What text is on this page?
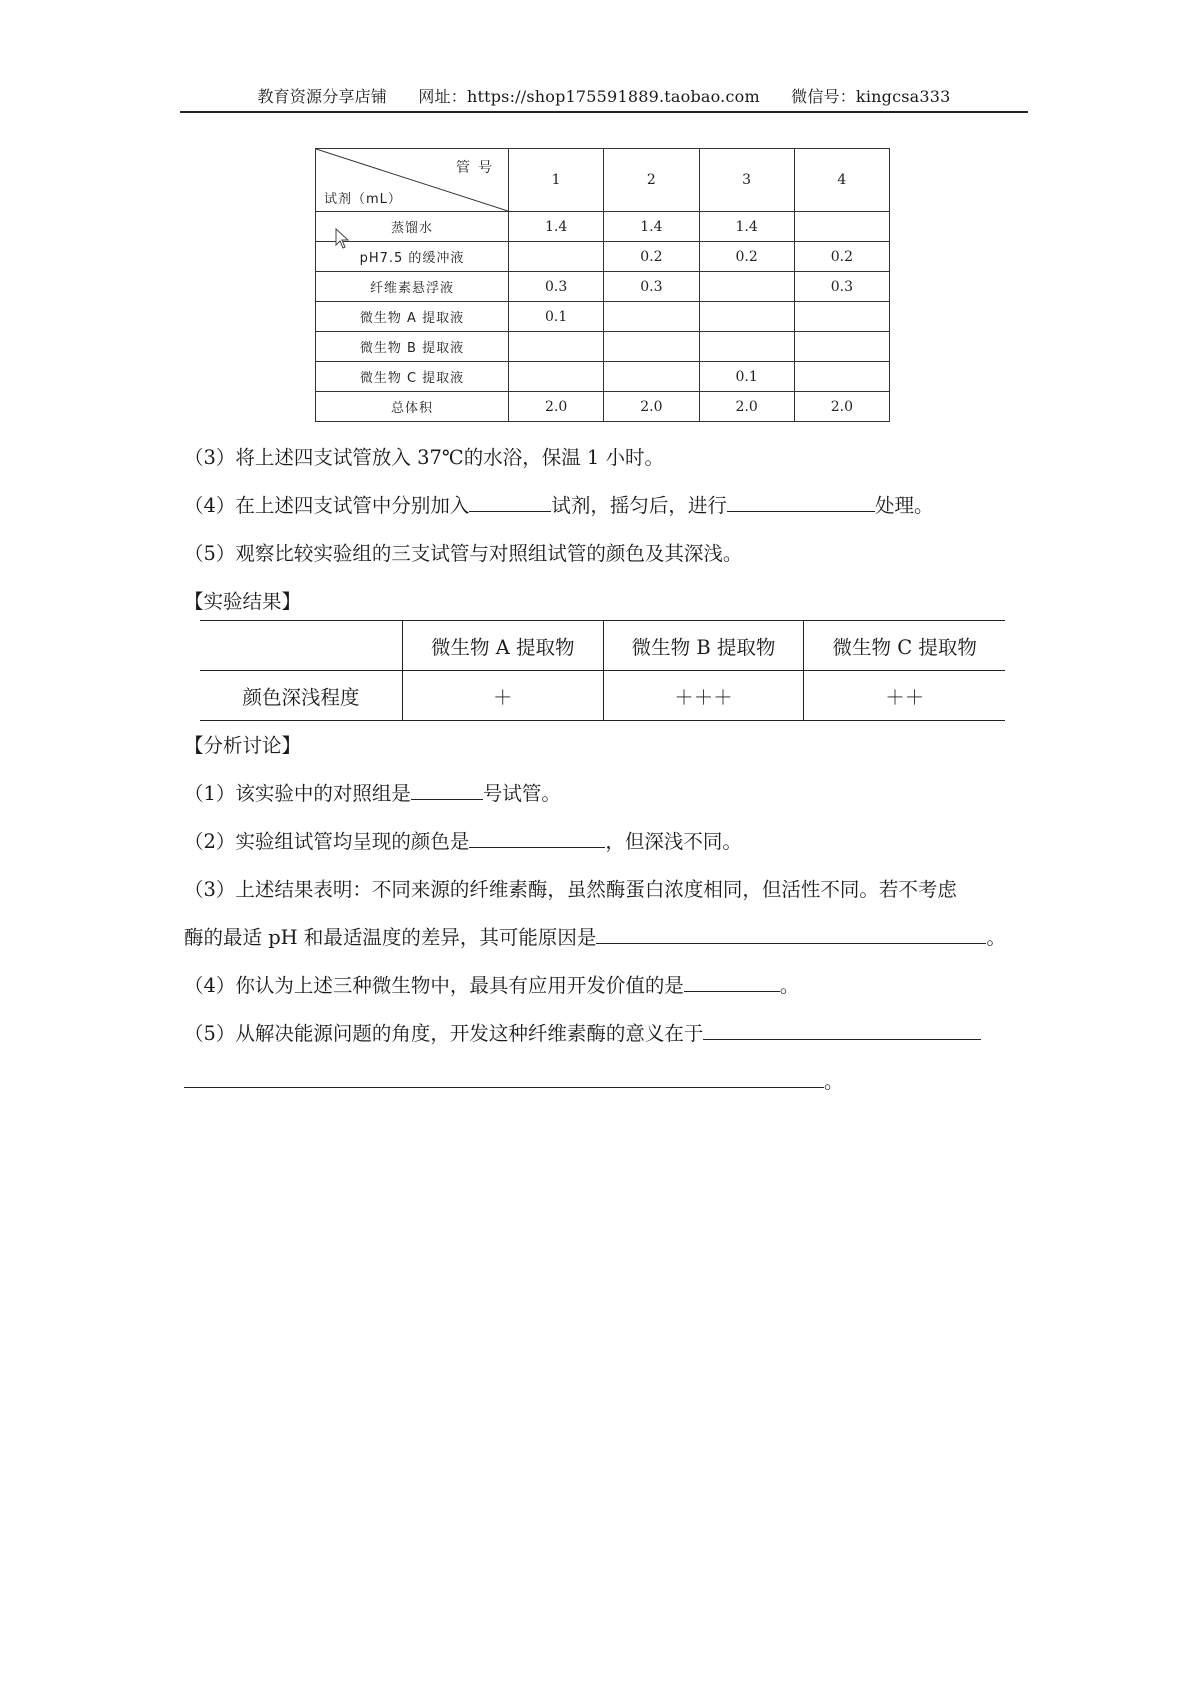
教育资源分享店铺 网址：https://shop175591889.taobao.com 微信号：kingcsa333
管号
试剂（mL）	1	2	3	4
蒸馏水	1.4	1.4	1.4	
pH7.5 的缓冲液		0.2	0.2	0.2
纤维素悬浮液	0.3	0.3		0.3
微生物 A 提取液	0.1			
微生物 B 提取液				
微生物 C 提取液			0.1	
总体积	2.0	2.0	2.0	2.0
（3）将上述四支试管放入 37℃的水浴，保温 1 小时。
（4）在上述四支试管中分别加入	试剂，摇匀后，进行	处理。
（5）观察比较实验组的三支试管与对照组试管的颜色及其深浅。
【实验结果】
	微生物 A 提取物	微生物 B 提取物	微生物 C 提取物
颜色深浅程度	＋	＋＋＋	＋＋
【分析讨论】
（1）该实验中的对照组是	号试管。
（2）实验组试管均呈现的颜色是	，但深浅不同。
（3）上述结果表明：不同来源的纤维素酶，虽然酶蛋白浓度相同，但活性不同。若不考虑
酶的最适 pH 和最适温度的差异，其可能原因是	。
（4）你认为上述三种微生物中，最具有应用开发价值的是	。
（5）从解决能源问题的角度，开发这种纤维素酶的意义在于
。
